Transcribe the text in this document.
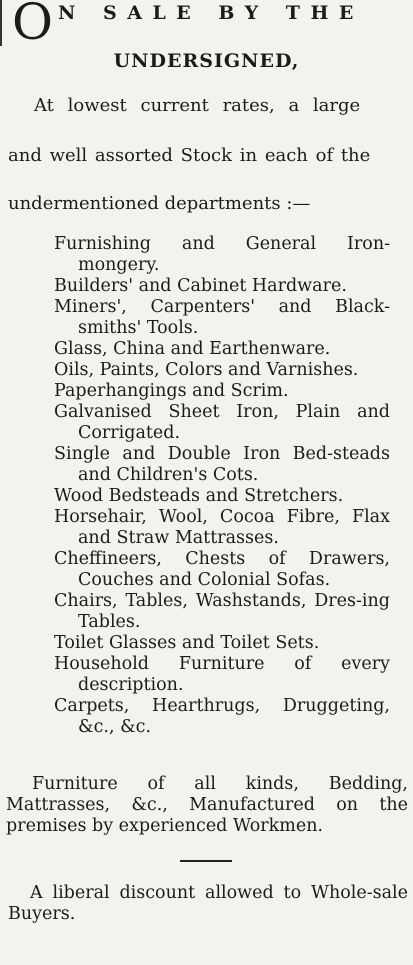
O N SALE BY THE
UNDERSIGNED,
At lowest current rates, a large
and well assorted Stock in each of the
undermentioned departments :—
Furnishing and General Iron-mongery.
Builders' and Cabinet Hardware.
Miners', Carpenters' and Black-smiths' Tools.
Glass, China and Earthenware.
Oils, Paints, Colors and Varnishes.
Paperhangings and Scrim.
Galvanised Sheet Iron, Plain and Corrigated.
Single and Double Iron Bed-steads and Children's Cots.
Wood Bedsteads and Stretchers.
Horsehair, Wool, Cocoa Fibre, Flax and Straw Mattrasses.
Cheffineers, Chests of Drawers, Couches and Colonial Sofas.
Chairs, Tables, Washstands, Dres-ing Tables.
Toilet Glasses and Toilet Sets.
Household Furniture of every description.
Carpets, Hearthrugs, Druggeting, &c., &c.
Furniture of all kinds, Bedding, Mattrasses, &c., Manufactured on the premises by experienced Workmen.
A liberal discount allowed to Whole-sale Buyers.
